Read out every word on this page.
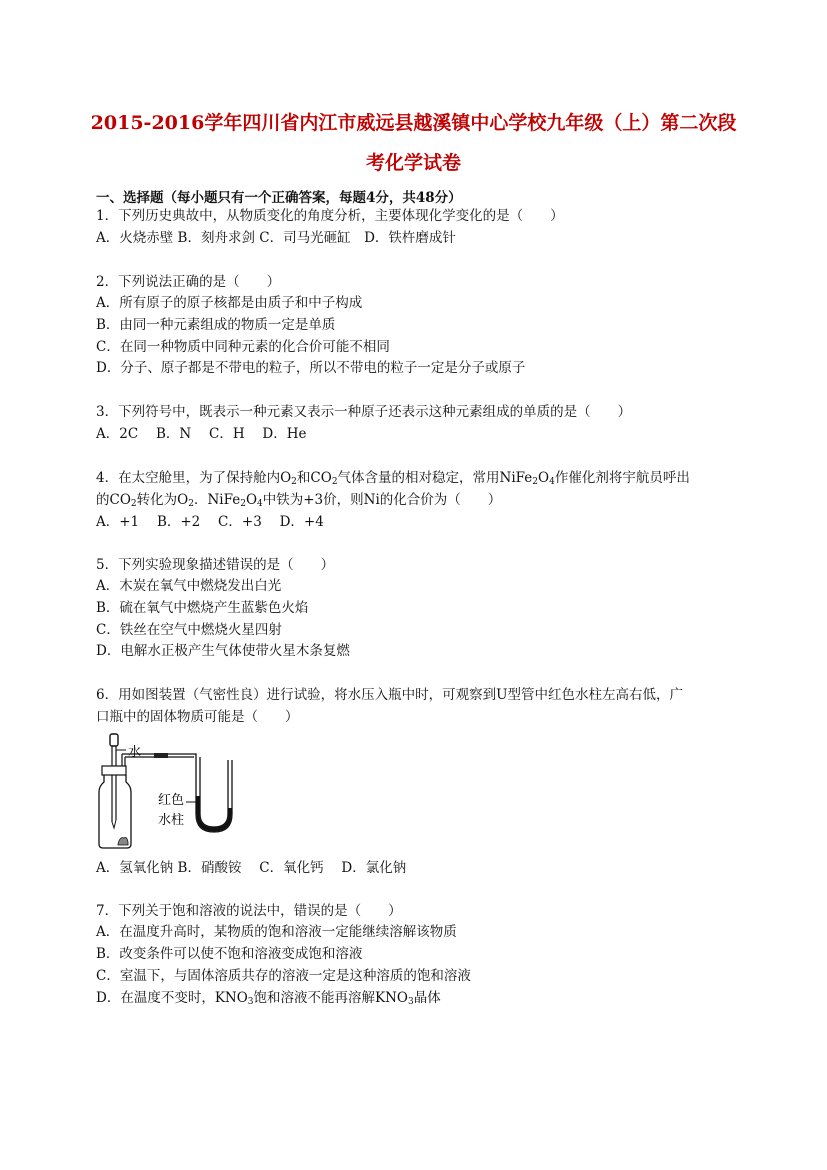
2015-2016学年四川省内江市威远县越溪镇中心学校九年级（上）第二次段
考化学试卷
一、选择题（每小题只有一个正确答案，每题4分，共48分）
1．下列历史典故中，从物质变化的角度分析，主要体现化学变化的是（　　）
A．火烧赤壁 B．刻舟求剑 C．司马光砸缸　D．铁杵磨成针
2．下列说法正确的是（　　）
A．所有原子的原子核都是由质子和中子构成
B．由同一种元素组成的物质一定是单质
C．在同一种物质中同种元素的化合价可能不相同
D．分子、原子都是不带电的粒子，所以不带电的粒子一定是分子或原子
3．下列符号中，既表示一种元素又表示一种原子还表示这种元素组成的单质的是（　　）
A．2C　 B．N　 C．H　 D．He
4．在太空舱里，为了保持舱内$O_2$和$CO_2$气体含量的相对稳定，常用$NiFe_2O_4$作催化剂将宇航员呼出
的$CO_2$转化为$O_2$．$NiFe_2O_4$中铁为+3价，则Ni的化合价为（　　）
A．+1　 B．+2　 C．+3　 D．+4
5．下列实验现象描述错误的是（　　）
A．木炭在氧气中燃烧发出白光
B．硫在氧气中燃烧产生蓝紫色火焰
C．铁丝在空气中燃烧火星四射
D．电解水正极产生气体使带火星木条复燃
6．用如图装置（气密性良）进行试验，将水压入瓶中时，可观察到U型管中红色水柱左高右低，广
口瓶中的固体物质可能是（　　）
水
红色
水柱
A．氢氧化钠 B．硝酸铵　 C．氧化钙　 D．氯化钠
7．下列关于饱和溶液的说法中，错误的是（　　）
A．在温度升高时，某物质的饱和溶液一定能继续溶解该物质
B．改变条件可以使不饱和溶液变成饱和溶液
C．室温下，与固体溶质共存的溶液一定是这种溶质的饱和溶液
D．在温度不变时，$KNO_3$饱和溶液不能再溶解$KNO_3$晶体
